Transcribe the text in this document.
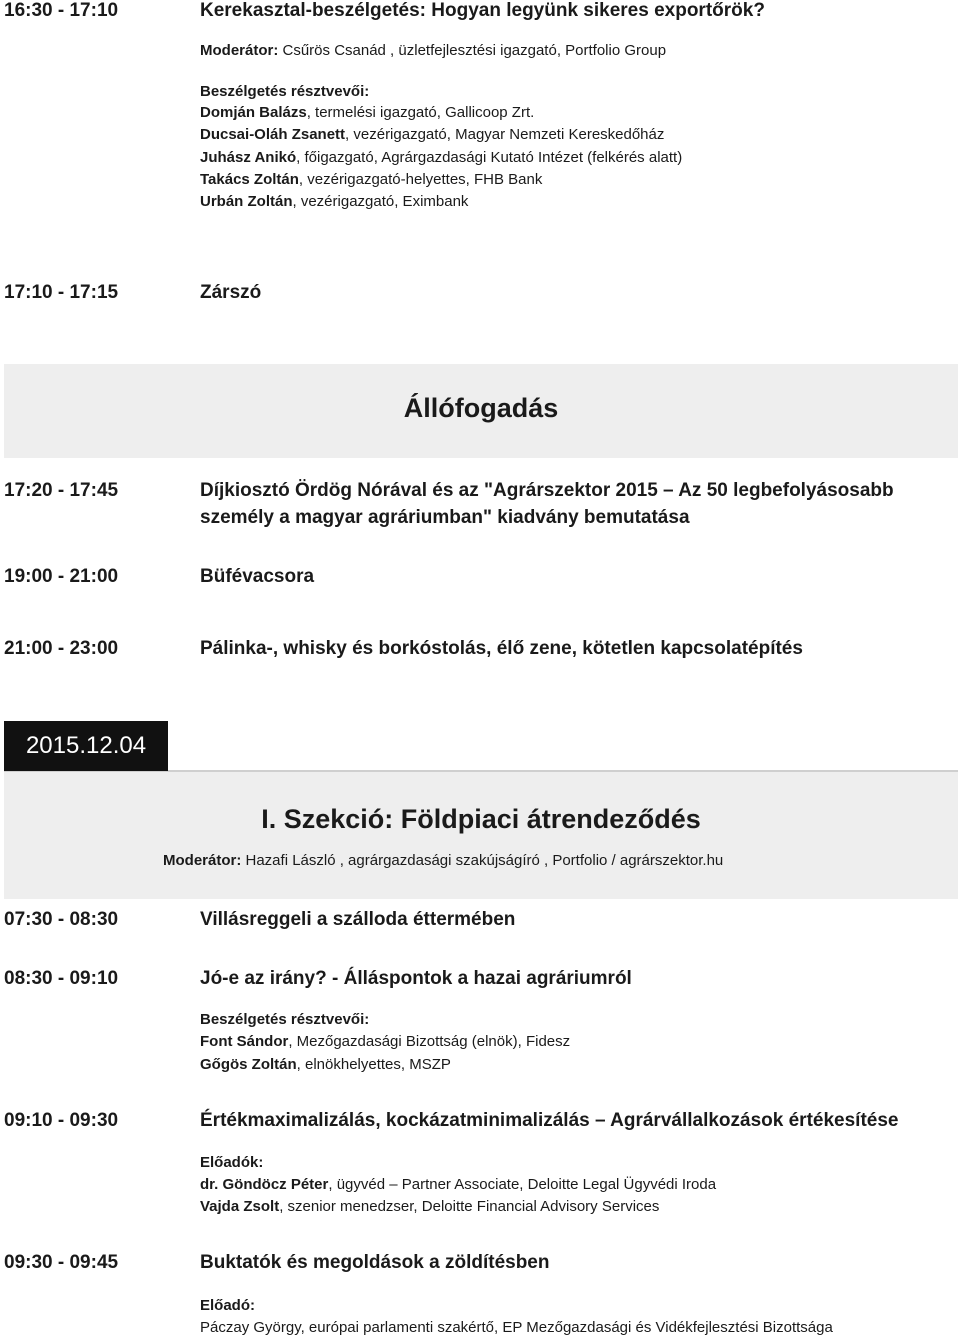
16:30 - 17:10	Kerekasztal-beszélgetés: Hogyan legyünk sikeres exportőrök?
Moderátor: Csűrös Csanád , üzletfejlesztési igazgató, Portfolio Group
Beszélgetés résztvevői:
Domján Balázs, termelési igazgató, Gallicoop Zrt.
Ducsai-Oláh Zsanett, vezérigazgató, Magyar Nemzeti Kereskedőház
Juhász Anikó, főigazgató, Agrárgazdasági Kutató Intézet (felkérés alatt)
Takács Zoltán, vezérigazgató-helyettes, FHB Bank
Urbán Zoltán, vezérigazgató, Eximbank
17:10 - 17:15	Zárszó
Állófogadás
17:20 - 17:45	Díjkiosztó Ördög Nórával és az "Agrárszektor 2015 – Az 50 legbefolyásosabb
személy a magyar agráriumban" kiadvány bemutatása
19:00 - 21:00	Büfévacsora
21:00 - 23:00	Pálinka-, whisky és borkóstolás, élő zene, kötetlen kapcsolatépítés
2015.12.04
I. Szekció: Földpiaci átrendeződés
Moderátor: Hazafi László , agrárgazdasági szakújságíró , Portfolio / agrárszektor.hu
07:30 - 08:30	Villásreggeli a szálloda éttermében
08:30 - 09:10	Jó-e az irány? - Álláspontok a hazai agráriumról
Beszélgetés résztvevői:
Font Sándor, Mezőgazdasági Bizottság (elnök), Fidesz
Gőgös Zoltán, elnökhelyettes, MSZP
09:10 - 09:30	Értékmaximalizálás, kockázatminimalizálás – Agrárvállalkozások értékesítése
Előadók:
dr. Göndöcz Péter, ügyvéd – Partner Associate, Deloitte Legal Ügyvédi Iroda
Vajda Zsolt, szenior menedzser, Deloitte Financial Advisory Services
09:30 - 09:45	Buktatók és megoldások a zöldítésben
Előadó:
Páczay György, európai parlamenti szakértő, EP Mezőgazdasági és Vidékfejlesztési Bizottsága
